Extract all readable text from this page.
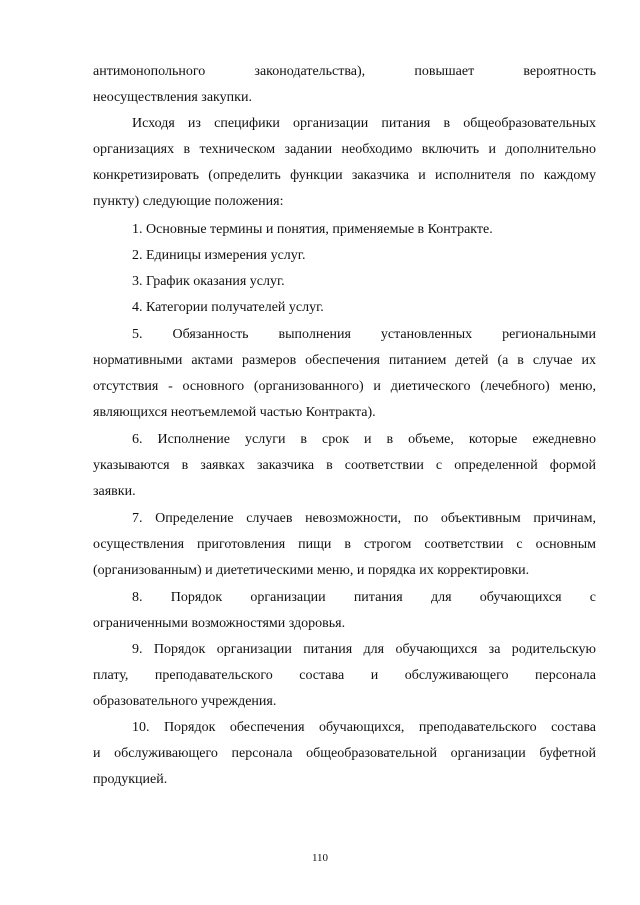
антимонопольного законодательства), повышает вероятность
неосуществления закупки.
Исходя из специфики организации питания в общеобразовательных
организациях в техническом задании необходимо включить и дополнительно
конкретизировать (определить функции заказчика и исполнителя по каждому
пункту) следующие положения:
1. Основные термины и понятия, применяемые в Контракте.
2. Единицы измерения услуг.
3. График оказания услуг.
4. Категории получателей услуг.
5. Обязанность выполнения установленных региональными
нормативными актами размеров обеспечения питанием детей (а в случае их
отсутствия - основного (организованного) и диетического (лечебного) меню,
являющихся неотъемлемой частью Контракта).
6. Исполнение услуги в срок и в объеме, которые ежедневно
указываются в заявках заказчика в соответствии с определенной формой
заявки.
7. Определение случаев невозможности, по объективным причинам,
осуществления приготовления пищи в строгом соответствии с основным
(организованным) и диететическими меню, и порядка их корректировки.
8. Порядок организации питания для обучающихся с
ограниченными возможностями здоровья.
9. Порядок организации питания для обучающихся за родительскую
плату, преподавательского состава и обслуживающего персонала
образовательного учреждения.
10. Порядок обеспечения обучающихся, преподавательского состава
и обслуживающего персонала общеобразовательной организации буфетной
продукцией.
110
